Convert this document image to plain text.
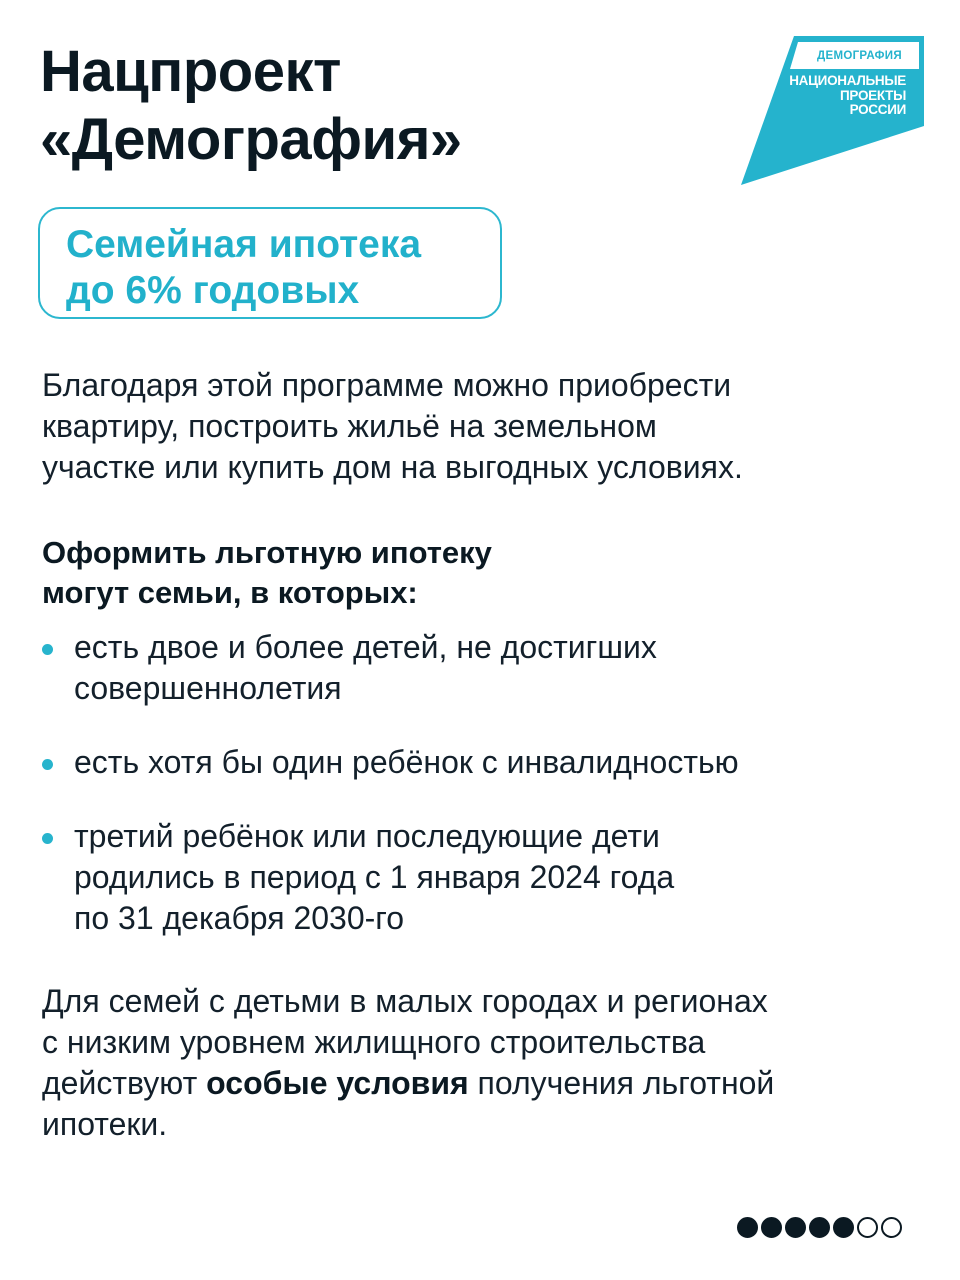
Нацпроект
«Демография»
ДЕМОГРАФИЯ
НАЦИОНАЛЬНЫЕ
ПРОЕКТЫ
РОССИИ
Семейная ипотека
до 6% годовых
Благодаря этой программе можно приобрести
квартиру, построить жильё на земельном
участке или купить дом на выгодных условиях.
Оформить льготную ипотеку
могут семьи, в которых:
есть двое и более детей, не достигших
совершеннолетия
есть хотя бы один ребёнок с инвалидностью
третий ребёнок или последующие дети
родились в период с 1 января 2024 года
по 31 декабря 2030-го
Для семей с детьми в малых городах и регионах
с низким уровнем жилищного строительства
действуют особые условия получения льготной
ипотеки.
